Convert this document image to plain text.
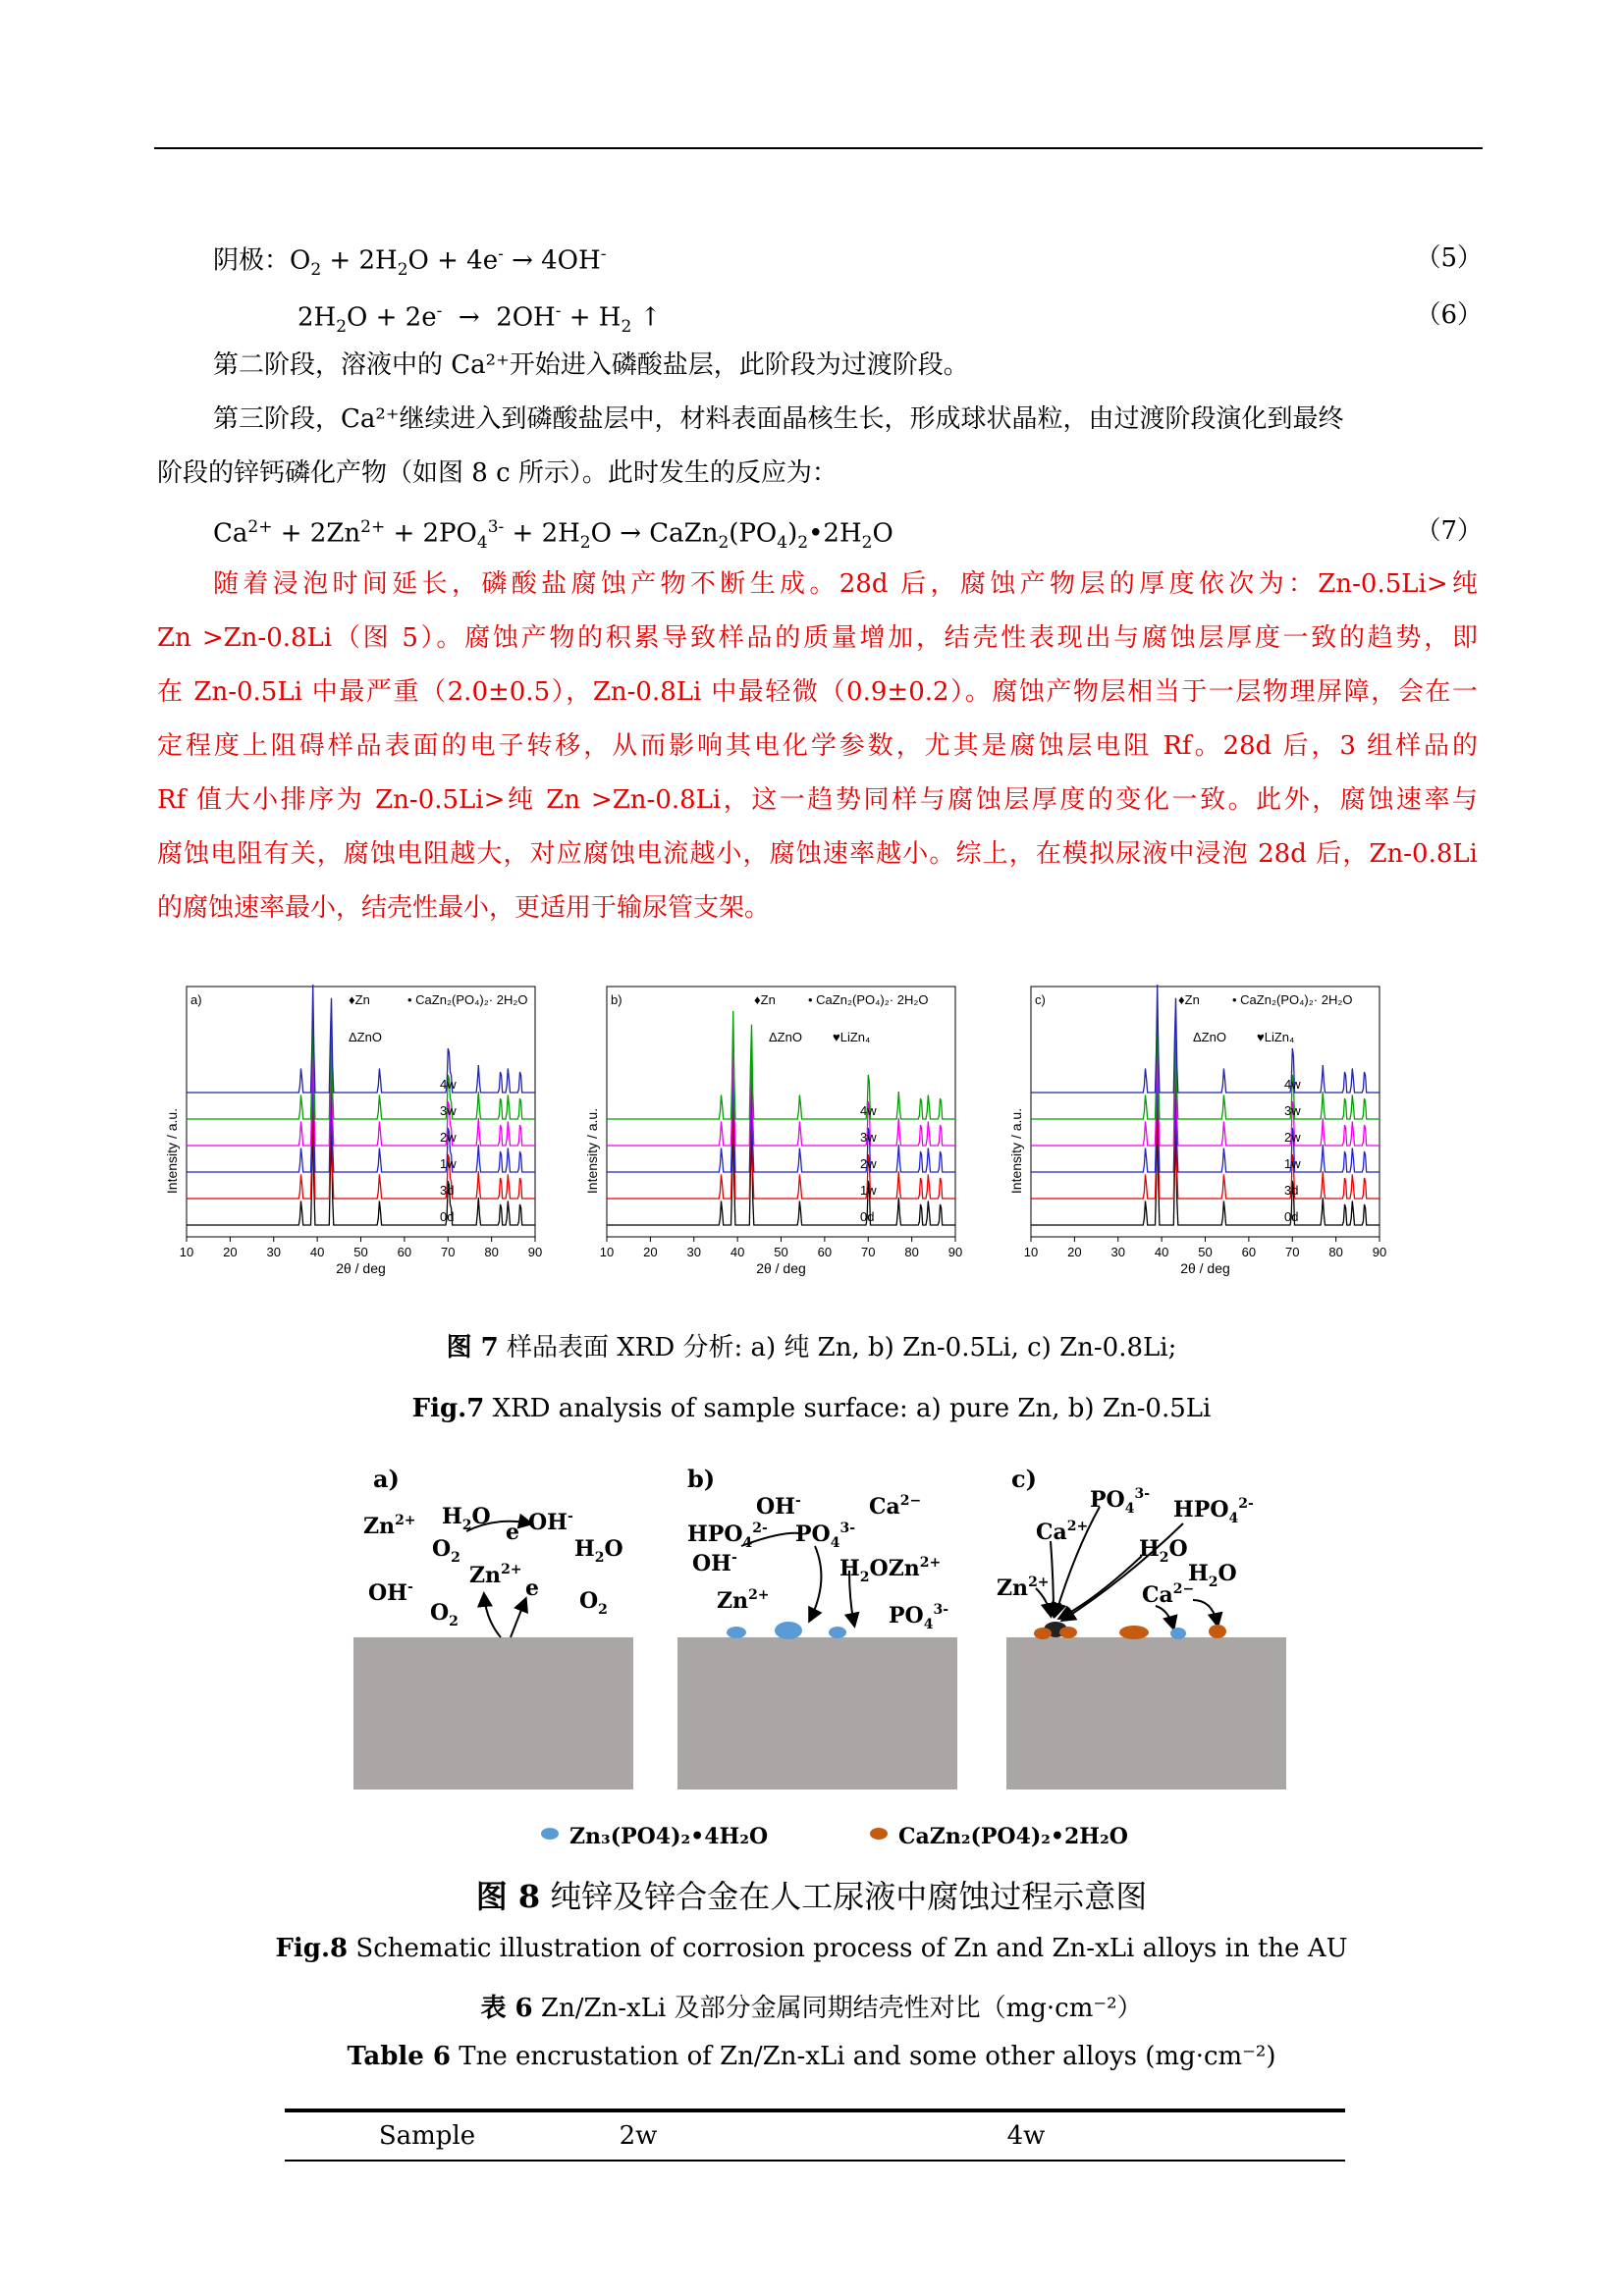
阴极：$O_2 + 2H_2O + 4e^- \to 4OH^-$	（5）
$2H_2O + 2e^- \to 2OH^- + H_2$ ↑	（6）
第二阶段，溶液中的 Ca²⁺开始进入磷酸盐层，此阶段为过渡阶段。
第三阶段，Ca²⁺继续进入到磷酸盐层中，材料表面晶核生长，形成球状晶粒，由过渡阶段演化到最终
阶段的锌钙磷化产物（如图 8 c 所示）。此时发生的反应为：
$Ca^{2+} + 2Zn^{2+} + 2PO_4^{3-} + 2H_2O$ → $CaZn_2(PO_4)_2•2H_2O$	（7）
随着浸泡时间延长，磷酸盐腐蚀产物不断生成。28d 后，腐蚀产物层的厚度依次为：Zn-0.5Li>纯
Zn >Zn-0.8Li（图 5）。腐蚀产物的积累导致样品的质量增加，结壳性表现出与腐蚀层厚度一致的趋势，即
在 Zn-0.5Li 中最严重（2.0±0.5），Zn-0.8Li 中最轻微（0.9±0.2）。腐蚀产物层相当于一层物理屏障，会在一
定程度上阻碍样品表面的电子转移，从而影响其电化学参数，尤其是腐蚀层电阻 Rf。28d 后，3 组样品的
Rf 值大小排序为 Zn-0.5Li>纯 Zn >Zn-0.8Li，这一趋势同样与腐蚀层厚度的变化一致。此外，腐蚀速率与
腐蚀电阻有关，腐蚀电阻越大，对应腐蚀电流越小，腐蚀速率越小。综上，在模拟尿液中浸泡 28d 后，Zn-0.8Li
的腐蚀速率最小，结壳性最小，更适用于输尿管支架。
10 20 30 40 50 60 70 80 90
2θ / deg
Intensity / a.u.
a)	♦Zn	• CaZn₂(PO₄)₂· 2H₂O
ΔZnO
0d
3d
1w
2w
3w
4w
10 20 30 40 50 60 70 80 90
2θ / deg
Intensity / a.u.
b)	♦Zn	• CaZn₂(PO₄)₂· 2H₂O
ΔZnO ♥LiZn₄
0d
1w
2w
3w
4w
10 20 30 40 50 60 70 80 90
2θ / deg
Intensity / a.u.
c)	♦Zn	• CaZn₂(PO₄)₂· 2H₂O
ΔZnO ♥LiZn₄
0d
3d
1w
2w
3w
4w
图 7 样品表面 XRD 分析: a) 纯 Zn, b) Zn-0.5Li, c) Zn-0.8Li;
Fig.7 XRD analysis of sample surface: a) pure Zn, b) Zn-0.5Li
a)
$Zn^{2+}$ $H_2O$
e OH-
$O_2$	$H_2O$
$Zn^{2+}$
OH-
$O_2$
e $O_2$
b)
OH-	$Ca^{2-}$
$HPO_4^{2-}$ $PO_4^{3-}$
OH-	$H_2OZn^{2+}$
$Zn^{2+}$
$PO_4^{3-}$
c)
$PO_4^{3-}$
$HPO_4^{2-}$
$Ca^{2+}$
$H_2O$
$H_2O$
$Zn^{2+}$	$Ca^{2-}$
Zn₃(PO4)₂•4H₂O	CaZn₂(PO4)₂•2H₂O
图 8 纯锌及锌合金在人工尿液中腐蚀过程示意图
Fig.8 Schematic illustration of corrosion process of Zn and Zn-xLi alloys in the AU
表 6 Zn/Zn-xLi 及部分金属同期结壳性对比（mg·cm⁻²）
Table 6 Tne encrustation of Zn/Zn-xLi and some other alloys (mg·cm⁻²)
Sample	2w	4w
